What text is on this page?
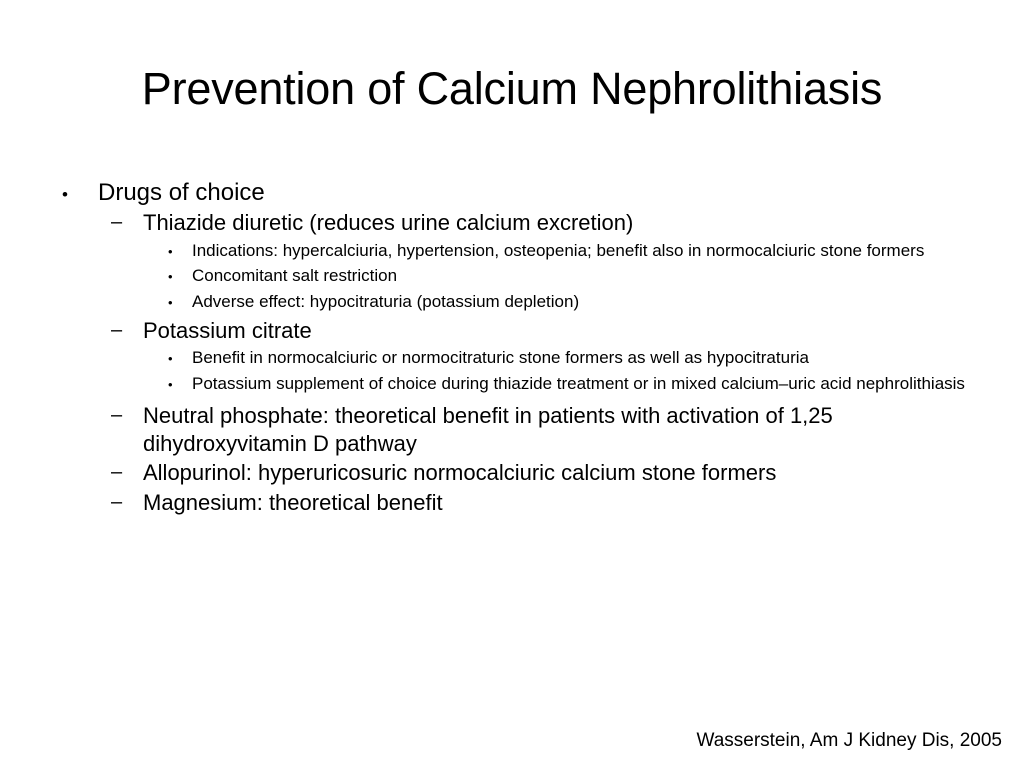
Prevention of Calcium Nephrolithiasis
•	Drugs of choice
– Thiazide diuretic (reduces urine calcium excretion)
•	Indications: hypercalciuria, hypertension, osteopenia; benefit also in normocalciuric stone formers
•	Concomitant salt restriction
•	Adverse effect: hypocitraturia (potassium depletion)
– Potassium citrate
•	Benefit in normocalciuric or normocitraturic stone formers as well as hypocitraturia
•	Potassium supplement of choice during thiazide treatment or in mixed calcium–uric acid nephrolithiasis
– Neutral phosphate: theoretical benefit in patients with activation of 1,25 dihydroxyvitamin D pathway
– Allopurinol: hyperuricosuric normocalciuric calcium stone formers
– Magnesium: theoretical benefit
Wasserstein, Am J Kidney Dis, 2005
